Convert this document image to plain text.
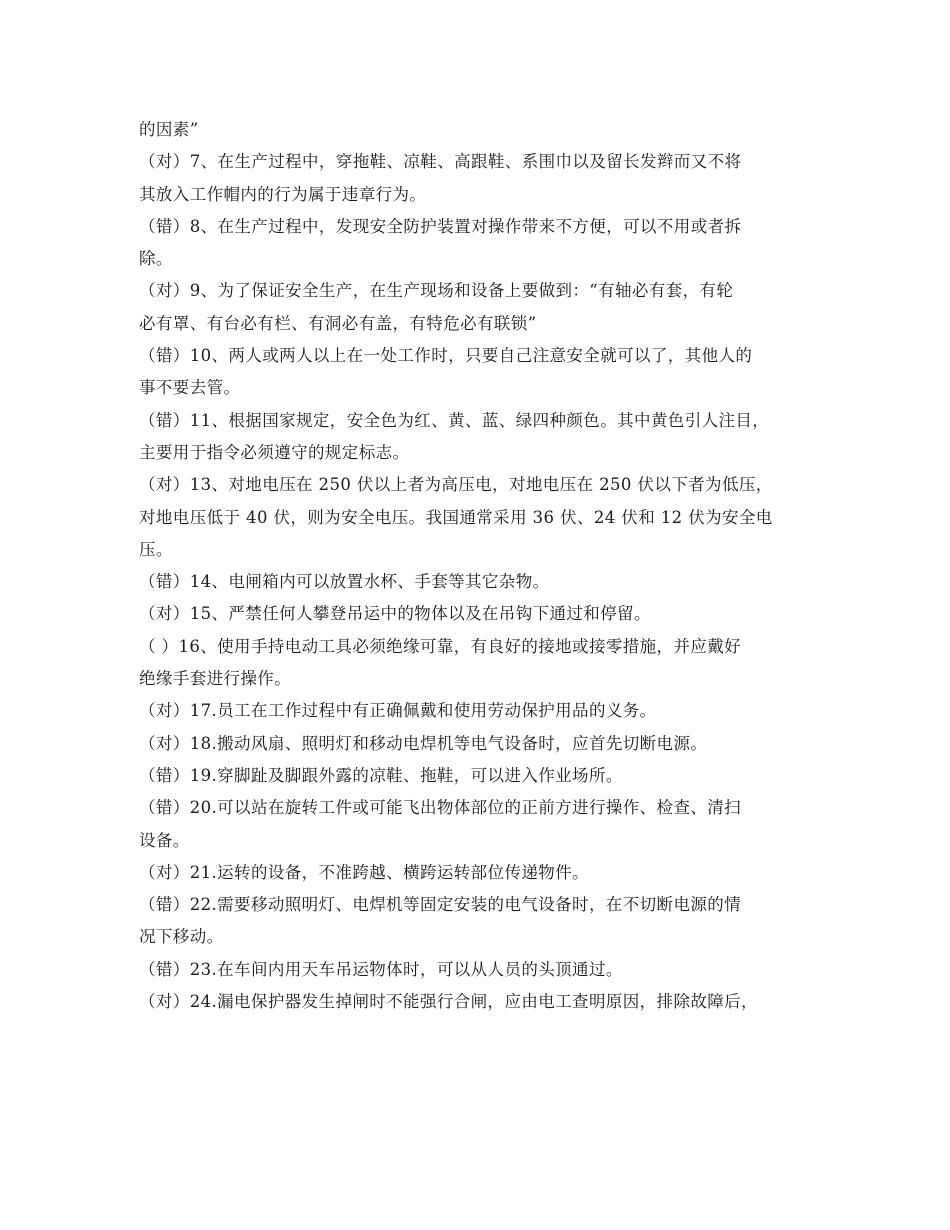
的因素”
（对）7、在生产过程中，穿拖鞋、凉鞋、高跟鞋、系围巾以及留长发辫而又不将
其放入工作帽内的行为属于违章行为。
（错）8、在生产过程中，发现安全防护装置对操作带来不方便，可以不用或者拆
除。
（对）9、为了保证安全生产，在生产现场和设备上要做到：“有轴必有套，有轮
必有罩、有台必有栏、有洞必有盖，有特危必有联锁”
（错）10、两人或两人以上在一处工作时，只要自己注意安全就可以了，其他人的
事不要去管。
（错）11、根据国家规定，安全色为红、黄、蓝、绿四种颜色。其中黄色引人注目，
主要用于指令必须遵守的规定标志。
（对）13、对地电压在 250 伏以上者为高压电，对地电压在 250 伏以下者为低压，
对地电压低于 40 伏，则为安全电压。我国通常采用 36 伏、24 伏和 12 伏为安全电
压。
（错）14、电闸箱内可以放置水杯、手套等其它杂物。
（对）15、严禁任何人攀登吊运中的物体以及在吊钩下通过和停留。
（ ）16、使用手持电动工具必须绝缘可靠，有良好的接地或接零措施，并应戴好
绝缘手套进行操作。
（对）17.员工在工作过程中有正确佩戴和使用劳动保护用品的义务。
（对）18.搬动风扇、照明灯和移动电焊机等电气设备时，应首先切断电源。
（错）19.穿脚趾及脚跟外露的凉鞋、拖鞋，可以进入作业场所。
（错）20.可以站在旋转工件或可能飞出物体部位的正前方进行操作、检查、清扫
设备。
（对）21.运转的设备，不准跨越、横跨运转部位传递物件。
（错）22.需要移动照明灯、电焊机等固定安装的电气设备时，在不切断电源的情
况下移动。
（错）23.在车间内用天车吊运物体时，可以从人员的头顶通过。
（对）24.漏电保护器发生掉闸时不能强行合闸，应由电工查明原因，排除故障后，
